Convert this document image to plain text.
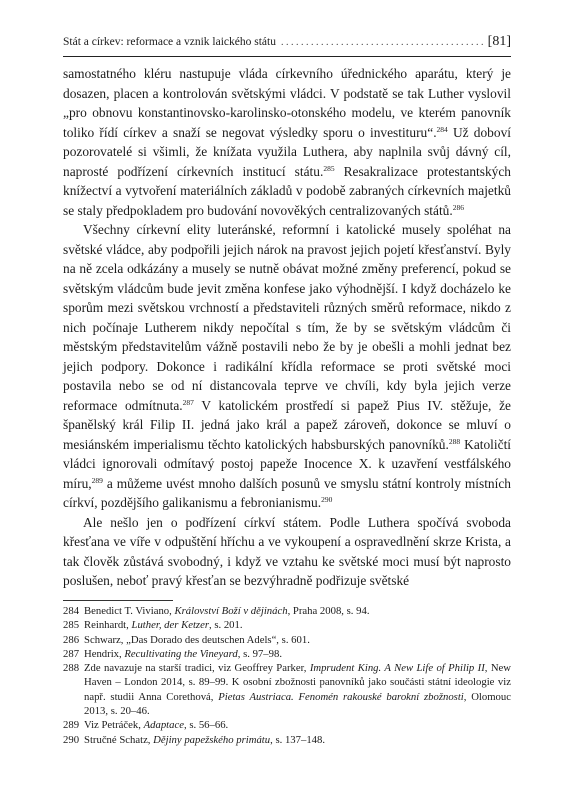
Stát a církev: reformace a vznik laického státu
. . .	[81]

samostatného kléru nastupuje vláda církevního úřednického aparátu, který je dosazen, placen a kontrolován světskými vládci. V podstatě se tak Luther vyslovil „pro obnovu konstantinovsko-karolinsko-otonského modelu, ve kterém panovník toliko řídí církev a snaží se negovat výsledky sporu o investituru“.$^{284}$ Už doboví pozorovatelé si všimli, že knížata využila Luthera, aby naplnila svůj dávný cíl, naprosté podřízení církevních institucí státu.$^{285}$ Resakralizace protestantských knížectví a vytvoření materiálních základů v podobě zabraných církevních majetků se staly předpokladem pro budování novověkých centralizovaných států.$^{286}$

Všechny církevní elity luteránské, reformní i katolické musely spoléhat na světské vládce, aby podpořili jejich nárok na pravost jejich pojetí křesťanství. Byly na ně zcela odkázány a musely se nutně obávat možné změny preferencí, pokud se světským vládcům bude jevit změna konfese jako výhodnější. I když docházelo ke sporům mezi světskou vrchností a představiteli různých směrů reformace, nikdo z nich počínaje Lutherem nikdy nepočítal s tím, že by se světským vládcům či městským představitelům vážně postavili nebo že by je obešli a mohli jednat bez jejich podpory. Dokonce i radikální křídla reformace se proti světské moci postavila nebo se od ní distancovala teprve ve chvíli, kdy byla jejich verze reformace odmítnuta.$^{287}$ V katolickém prostředí si papež Pius IV. stěžuje, že španělský král Filip II. jedná jako král a papež zároveň, dokonce se mluví o mesiánském imperialismu těchto katolických habsburských panovníků.$^{288}$ Katoličtí vládci ignorovali odmítavý postoj papeže Inocence X. k uzavření vestfálského míru,$^{289}$ a můžeme uvést mnoho dalších posunů ve smyslu státní kontroly místních církví, pozdějšího galikanismu a febronianismu.$^{290}$

Ale nešlo jen o podřízení církví státem. Podle Luthera spočívá svoboda křesťana ve víře v odpuštění hříchu a ve vykoupení a ospravedlnění skrze Krista, a tak člověk zůstává svobodný, i když ve vztahu ke světské moci musí být naprosto poslušen, neboť pravý křesťan se bezvýhradně podřizuje světské

284 Benedict T. Viviano, Království Boží v dějinách, Praha 2008, s. 94.
285 Reinhardt, Luther, der Ketzer, s. 201.
286 Schwarz, „Das Dorado des deutschen Adels“, s. 601.
287 Hendrix, Recultivating the Vineyard, s. 97–98.
288 Zde navazuje na starší tradici, viz Geoffrey Parker, Imprudent King. A New Life of Philip II, New Haven – London 2014, s. 89–99. K osobní zbožnosti panovníků jako součásti státní ideologie viz např. studii Anna Corethová, Pietas Austriaca. Fenomén rakouské barokní zbožnosti, Olomouc 2013, s. 20–46.
289 Viz Petráček, Adaptace, s. 56–66.
290 Stručné Schatz, Dějiny papežského primátu, s. 137–148.
